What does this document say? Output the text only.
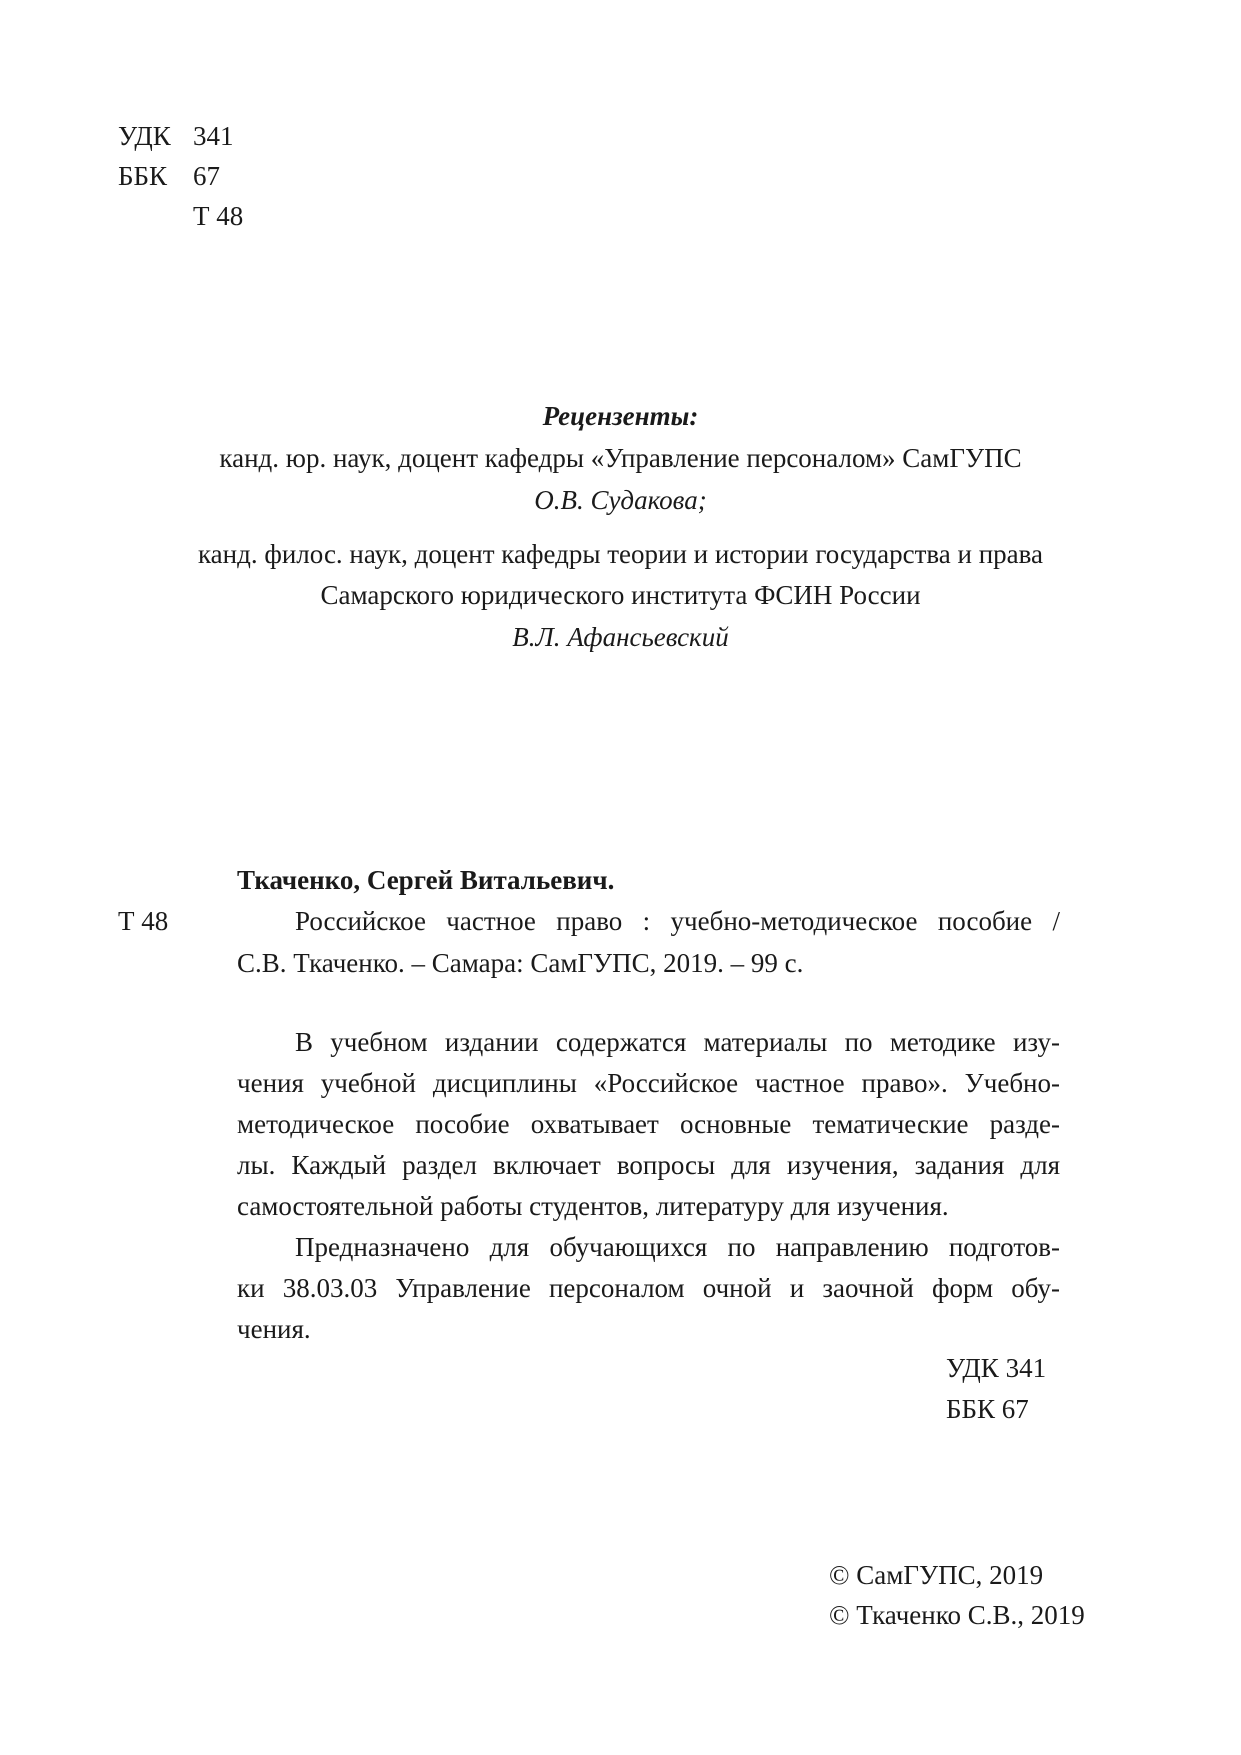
УДК 341
ББК 67
Т 48
Рецензенты:
канд. юр. наук, доцент кафедры «Управление персоналом» СамГУПС
О.В. Судакова;
канд. филос. наук, доцент кафедры теории и истории государства и права
Самарского юридического института ФСИН России
В.Л. Афансьевский
Ткаченко, Сергей Витальевич.
Т 48	Российское частное право : учебно-методическое пособие /
С.В. Ткаченко. – Самара: СамГУПС, 2019. – 99 с.
В учебном издании содержатся материалы по методике изу-
чения учебной дисциплины «Российское частное право». Учебно-
методическое пособие охватывает основные тематические разде-
лы. Каждый раздел включает вопросы для изучения, задания для
самостоятельной работы студентов, литературу для изучения.
Предназначено для обучающихся по направлению подготов-
ки 38.03.03 Управление персоналом очной и заочной форм обу-
чения.
УДК 341
ББК 67
© СамГУПС, 2019
© Ткаченко С.В., 2019
